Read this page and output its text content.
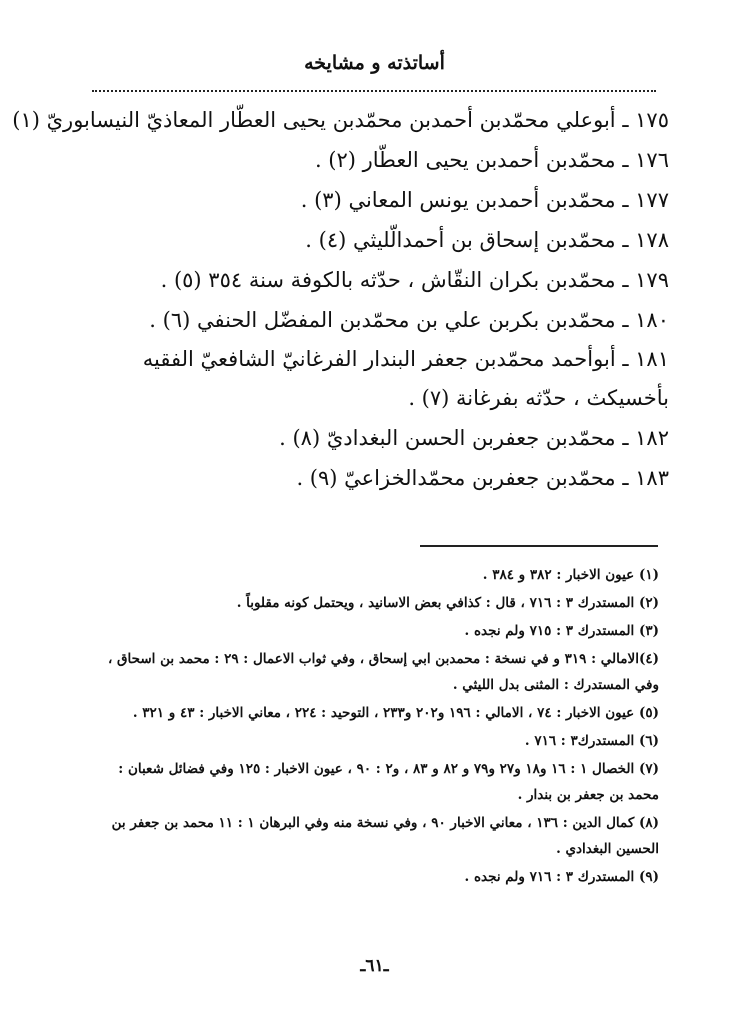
أساتذته و مشايخه
١٧٥ ـ أبوعلي محمّدبن أحمدبن محمّدبن يحيى العطّار المعاذيّ النيسابوريّ (١)
١٧٦ ـ محمّدبن أحمدبن يحيى العطّار (٢) .
١٧٧ ـ محمّدبن أحمدبن يونس المعاني (٣) .
١٧٨ ـ محمّدبن إسحاق بن أحمدالّليثي (٤) .
١٧٩ ـ محمّدبن بكران النقّاش ، حدّثه بالكوفة سنة ٣٥٤ (٥) .
١٨٠ ـ محمّدبن بكربن علي بن محمّدبن المفضّل الحنفي (٦) .
١٨١ ـ أبوأحمد محمّدبن جعفر البندار الفرغانيّ الشافعيّ الفقيه بأخسيكث ، حدّثه بفرغانة (٧) .
١٨٢ ـ محمّدبن جعفربن الحسن البغداديّ (٨) .
١٨٣ ـ محمّدبن جعفربن محمّدالخزاعيّ (٩) .
(١) عيون الاخبار : ٣٨٢ و ٣٨٤ .
(٢) المستدرك ٣ : ٧١٦ ، قال : كذافي بعض الاسانيد ، ويحتمل كونه مقلوباً .
(٣) المستدرك ٣ : ٧١٥ ولم نجده .
(٤)الامالي : ٣١٩ و في نسخة : محمدبن ابي إسحاق ، وفي ثواب الاعمال : ٢٩ : محمد بن اسحاق ، وفي المستدرك : المثنى بدل الليثي .
(٥) عيون الاخبار : ٧٤ ، الامالي : ١٩٦ و٢٠٢ و٢٣٣ ، التوحيد : ٢٢٤ ، معاني الاخبار : ٤٣ و ٣٢١ .
(٦) المستدرك٣ : ٧١٦ .
(٧) الخصال ١ : ١٦ و١٨ و٢٧ و٧٩ و ٨٢ و ٨٣ ، و٢ : ٩٠ ، عيون الاخبار : ١٢٥ وفي فضائل شعبان : محمد بن جعفر بن بندار .
(٨) كمال الدين : ١٣٦ ، معاني الاخبار ٩٠ ، وفي نسخة منه وفي البرهان ١ : ١١ محمد بن جعفر بن الحسين البغدادي .
(٩) المستدرك ٣ : ٧١٦ ولم نجده .
ـ٦١ـ
